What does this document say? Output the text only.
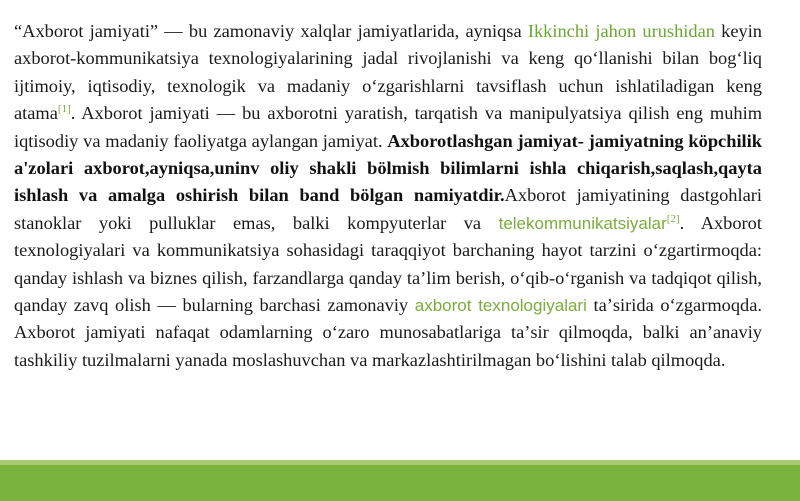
“Axborot jamiyati” — bu zamonaviy xalqlar jamiyatlarida, ayniqsa Ikkinchi jahon urushidan keyin axborot-kommunikatsiya texnologiyalarining jadal rivojlanishi va keng qoʻllanishi bilan bogʻliq ijtimoiy, iqtisodiy, texnologik va madaniy oʻzgarishlarni tavsiflash uchun ishlatiladigan keng atama[1]. Axborot jamiyati — bu axborotni yaratish, tarqatish va manipulyatsiya qilish eng muhim iqtisodiy va madaniy faoliyatga aylangan jamiyat. Axborotlashgan jamiyat- jamiyatning köpchilik a'zolari axborot,ayniqsa,uninv oliy shakli bölmish bilimlarni ishla chiqarish,saqlash,qayta ishlash va amalga oshirish bilan band bölgan namiyatdir.Axborot jamiyatining dastgohlari stanoklar yoki pulluklar emas, balki kompyuterlar va telekommunikatsiyalar[2]. Axborot texnologiyalari va kommunikatsiya sohasidagi taraqqiyot barchaning hayot tarzini oʻzgartirmoqda: qanday ishlash va biznes qilish, farzandlarga qanday taʼlim berish, oʻqib-oʻrganish va tadqiqot qilish, qanday zavq olish — bularning barchasi zamonaviy axborot texnologiyalari taʼsirida oʻzgarmoqda. Axborot jamiyati nafaqat odamlarning oʻzaro munosabatlariga taʼsir qilmoqda, balki anʼanaviy tashkiliy tuzilmalarni yanada moslashuvchan va markazlashtirilmagan boʻlishini talab qilmoqda.
